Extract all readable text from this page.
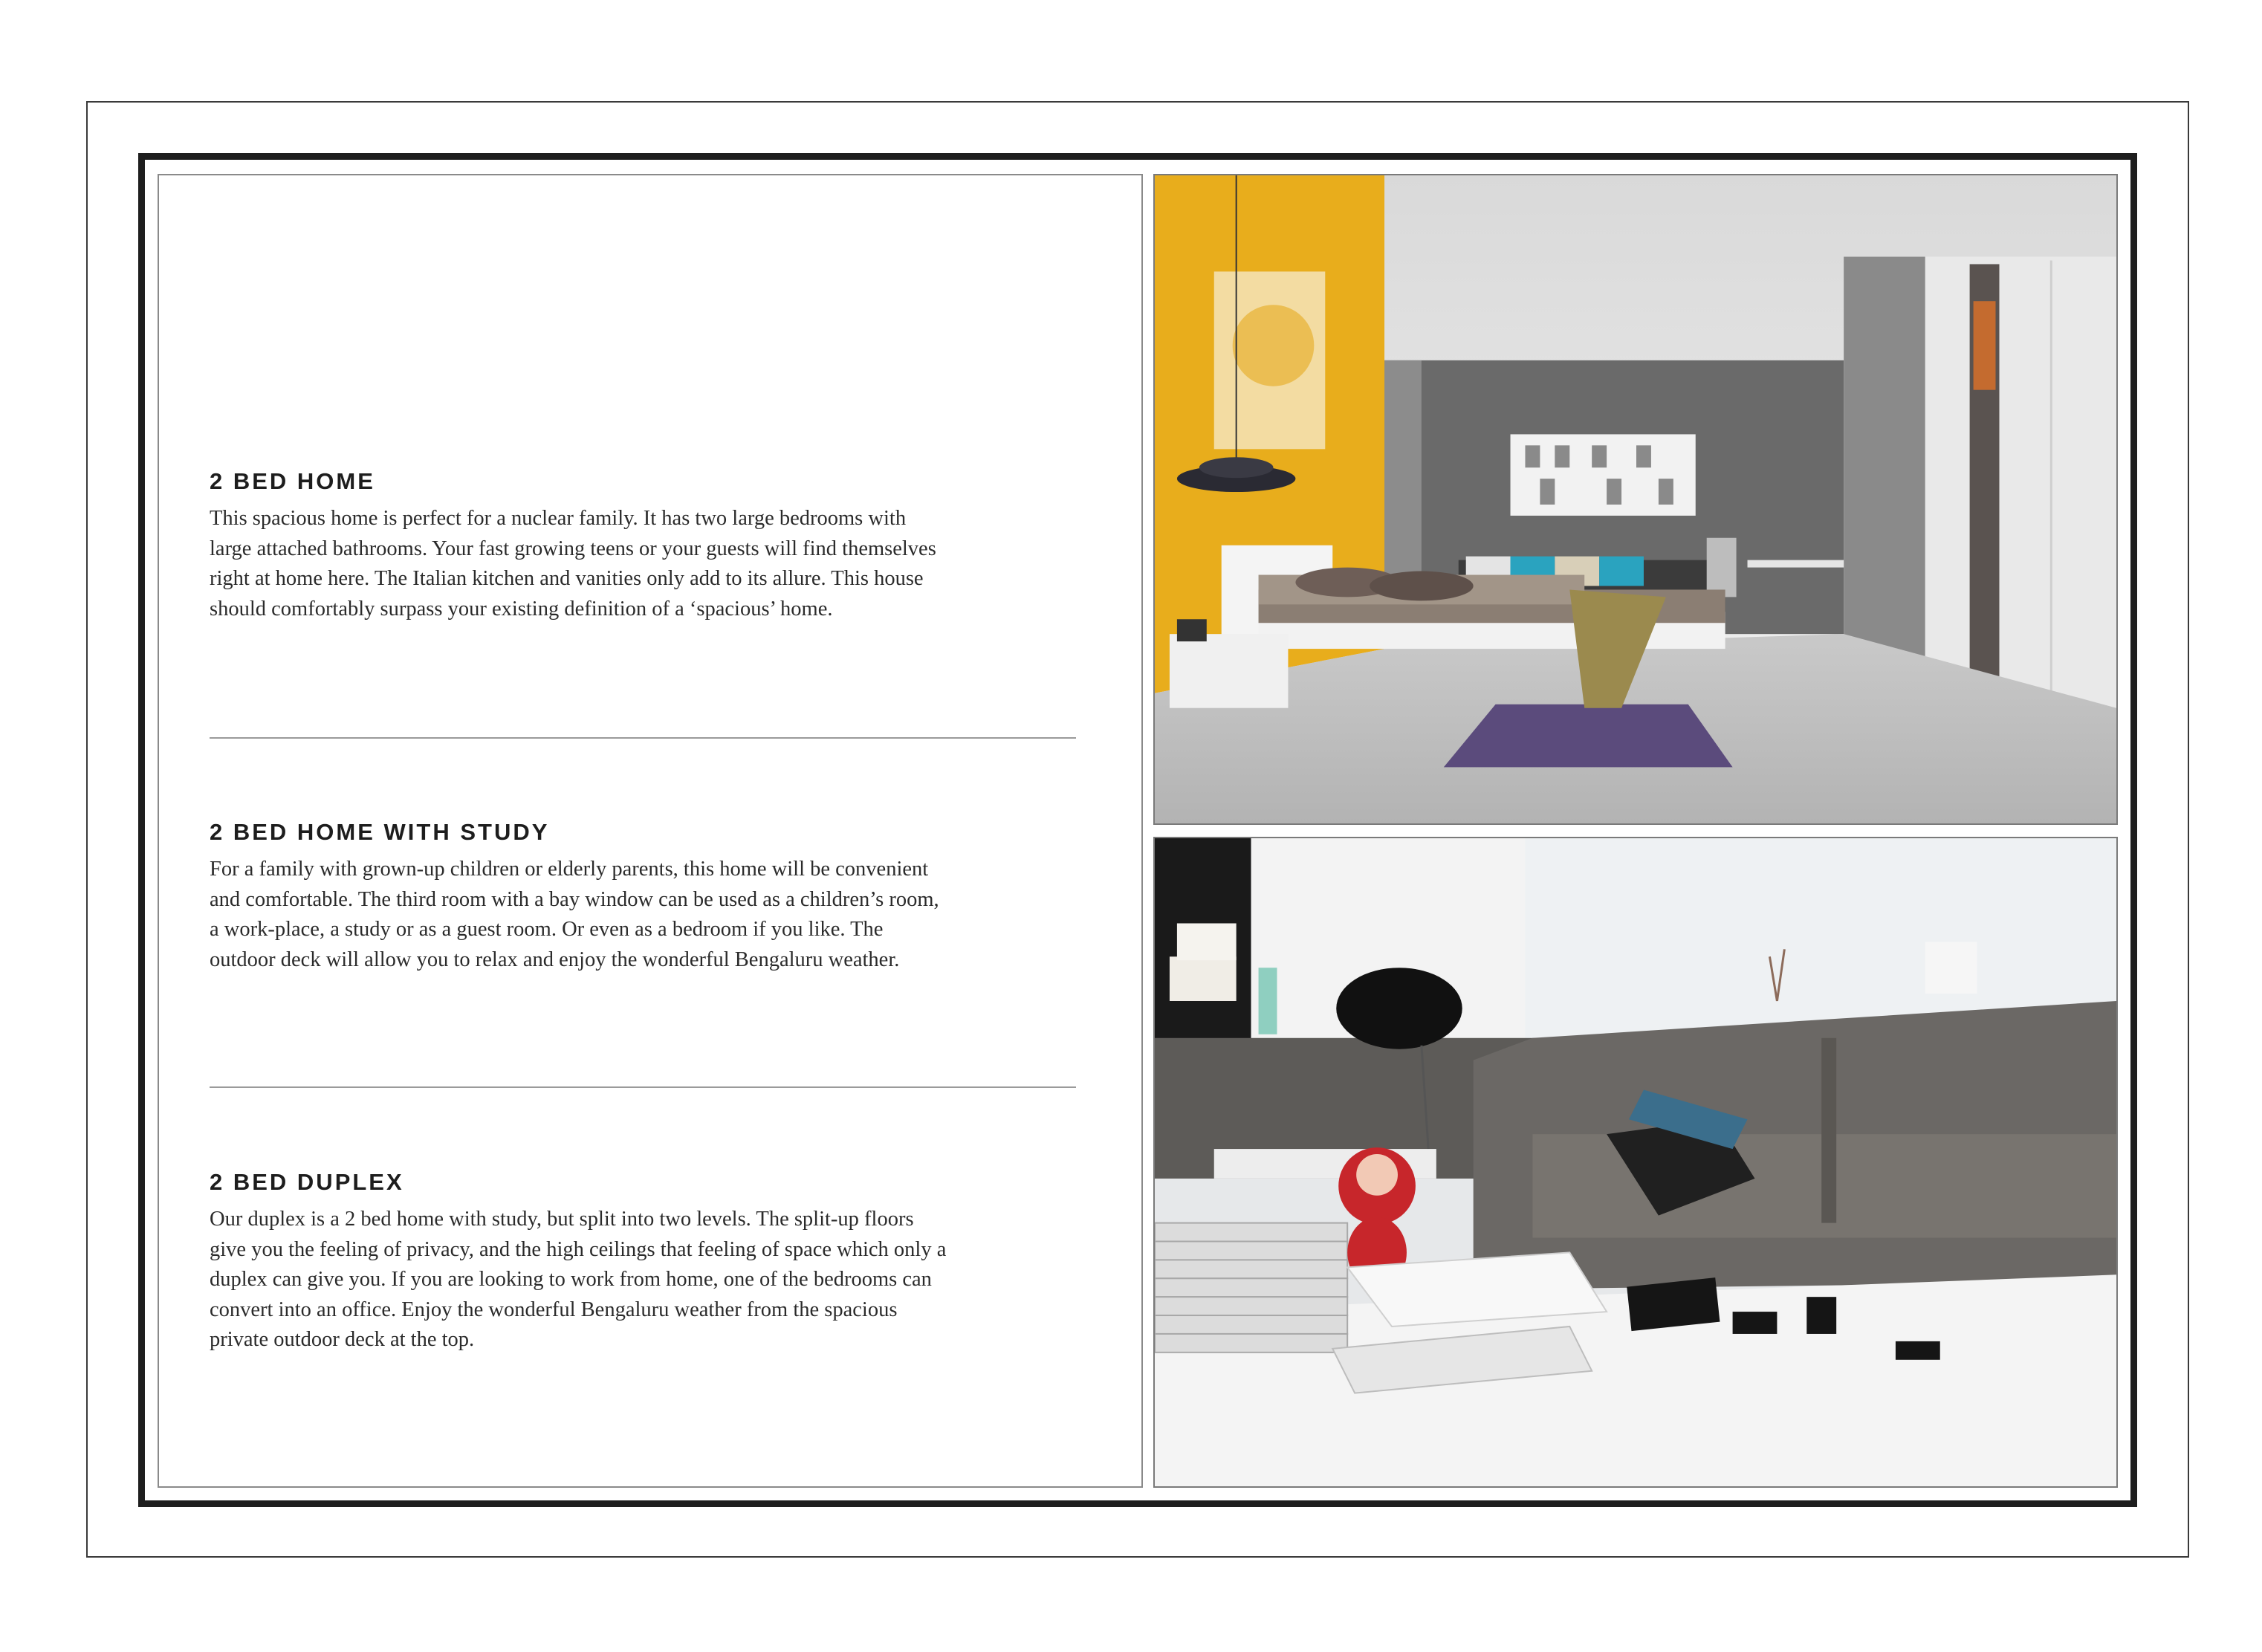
2 BED HOME

This spacious home is perfect for a nuclear family. It has two large bedrooms with
large attached bathrooms. Your fast growing teens or your guests will find themselves
right at home here. The Italian kitchen and vanities only add to its allure. This house
should comfortably surpass your existing definition of a ‘spacious’ home.

2 BED HOME WITH STUDY

For a family with grown-up children or elderly parents, this home will be convenient
and comfortable. The third room with a bay window can be used as a children’s room,
a work-place, a study or as a guest room. Or even as a bedroom if you like. The
outdoor deck will allow you to relax and enjoy the wonderful Bengaluru weather.

2 BED DUPLEX

Our duplex is a 2 bed home with study, but split into two levels. The split-up floors
give you the feeling of privacy, and the high ceilings that feeling of space which only a
duplex can give you. If you are looking to work from home, one of the bedrooms can
convert into an office. Enjoy the wonderful Bengaluru weather from the spacious
private outdoor deck at the top.
